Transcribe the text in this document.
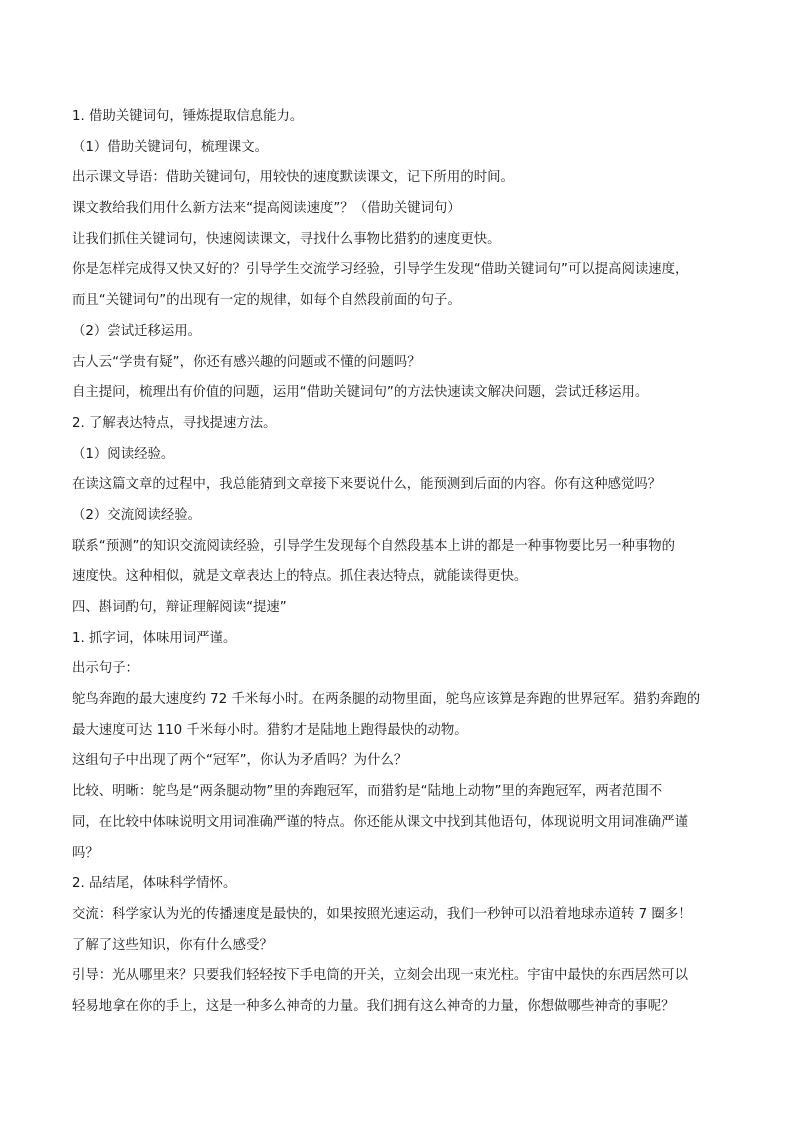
1. 借助关键词句，锤炼提取信息能力。
（1）借助关键词句，梳理课文。
出示课文导语：借助关键词句，用较快的速度默读课文，记下所用的时间。
课文教给我们用什么新方法来“提高阅读速度”？（借助关键词句）
让我们抓住关键词句，快速阅读课文，寻找什么事物比猎豹的速度更快。
你是怎样完成得又快又好的？引导学生交流学习经验，引导学生发现“借助关键词句”可以提高阅读速度，
而且“关键词句”的出现有一定的规律，如每个自然段前面的句子。
（2）尝试迁移运用。
古人云“学贵有疑”，你还有感兴趣的问题或不懂的问题吗？
自主提问，梳理出有价值的问题，运用“借助关键词句”的方法快速读文解决问题，尝试迁移运用。
2. 了解表达特点，寻找提速方法。
（1）阅读经验。
在读这篇文章的过程中，我总能猜到文章接下来要说什么，能预测到后面的内容。你有这种感觉吗？
（2）交流阅读经验。
联系“预测”的知识交流阅读经验，引导学生发现每个自然段基本上讲的都是一种事物要比另一种事物的
速度快。这种相似，就是文章表达上的特点。抓住表达特点，就能读得更快。
四、斟词酌句，辩证理解阅读“提速”
1. 抓字词，体味用词严谨。
出示句子：
鸵鸟奔跑的最大速度约 72 千米每小时。在两条腿的动物里面，鸵鸟应该算是奔跑的世界冠军。猎豹奔跑的
最大速度可达 110 千米每小时。猎豹才是陆地上跑得最快的动物。
这组句子中出现了两个“冠军”，你认为矛盾吗？为什么？
比较、明晰：鸵鸟是“两条腿动物”里的奔跑冠军，而猎豹是“陆地上动物”里的奔跑冠军，两者范围不
同，在比较中体味说明文用词准确严谨的特点。你还能从课文中找到其他语句，体现说明文用词准确严谨
吗？
2. 品结尾，体味科学情怀。
交流：科学家认为光的传播速度是最快的，如果按照光速运动，我们一秒钟可以沿着地球赤道转 7 圈多！
了解了这些知识，你有什么感受？
引导：光从哪里来？只要我们轻轻按下手电筒的开关，立刻会出现一束光柱。宇宙中最快的东西居然可以
轻易地拿在你的手上，这是一种多么神奇的力量。我们拥有这么神奇的力量，你想做哪些神奇的事呢？
